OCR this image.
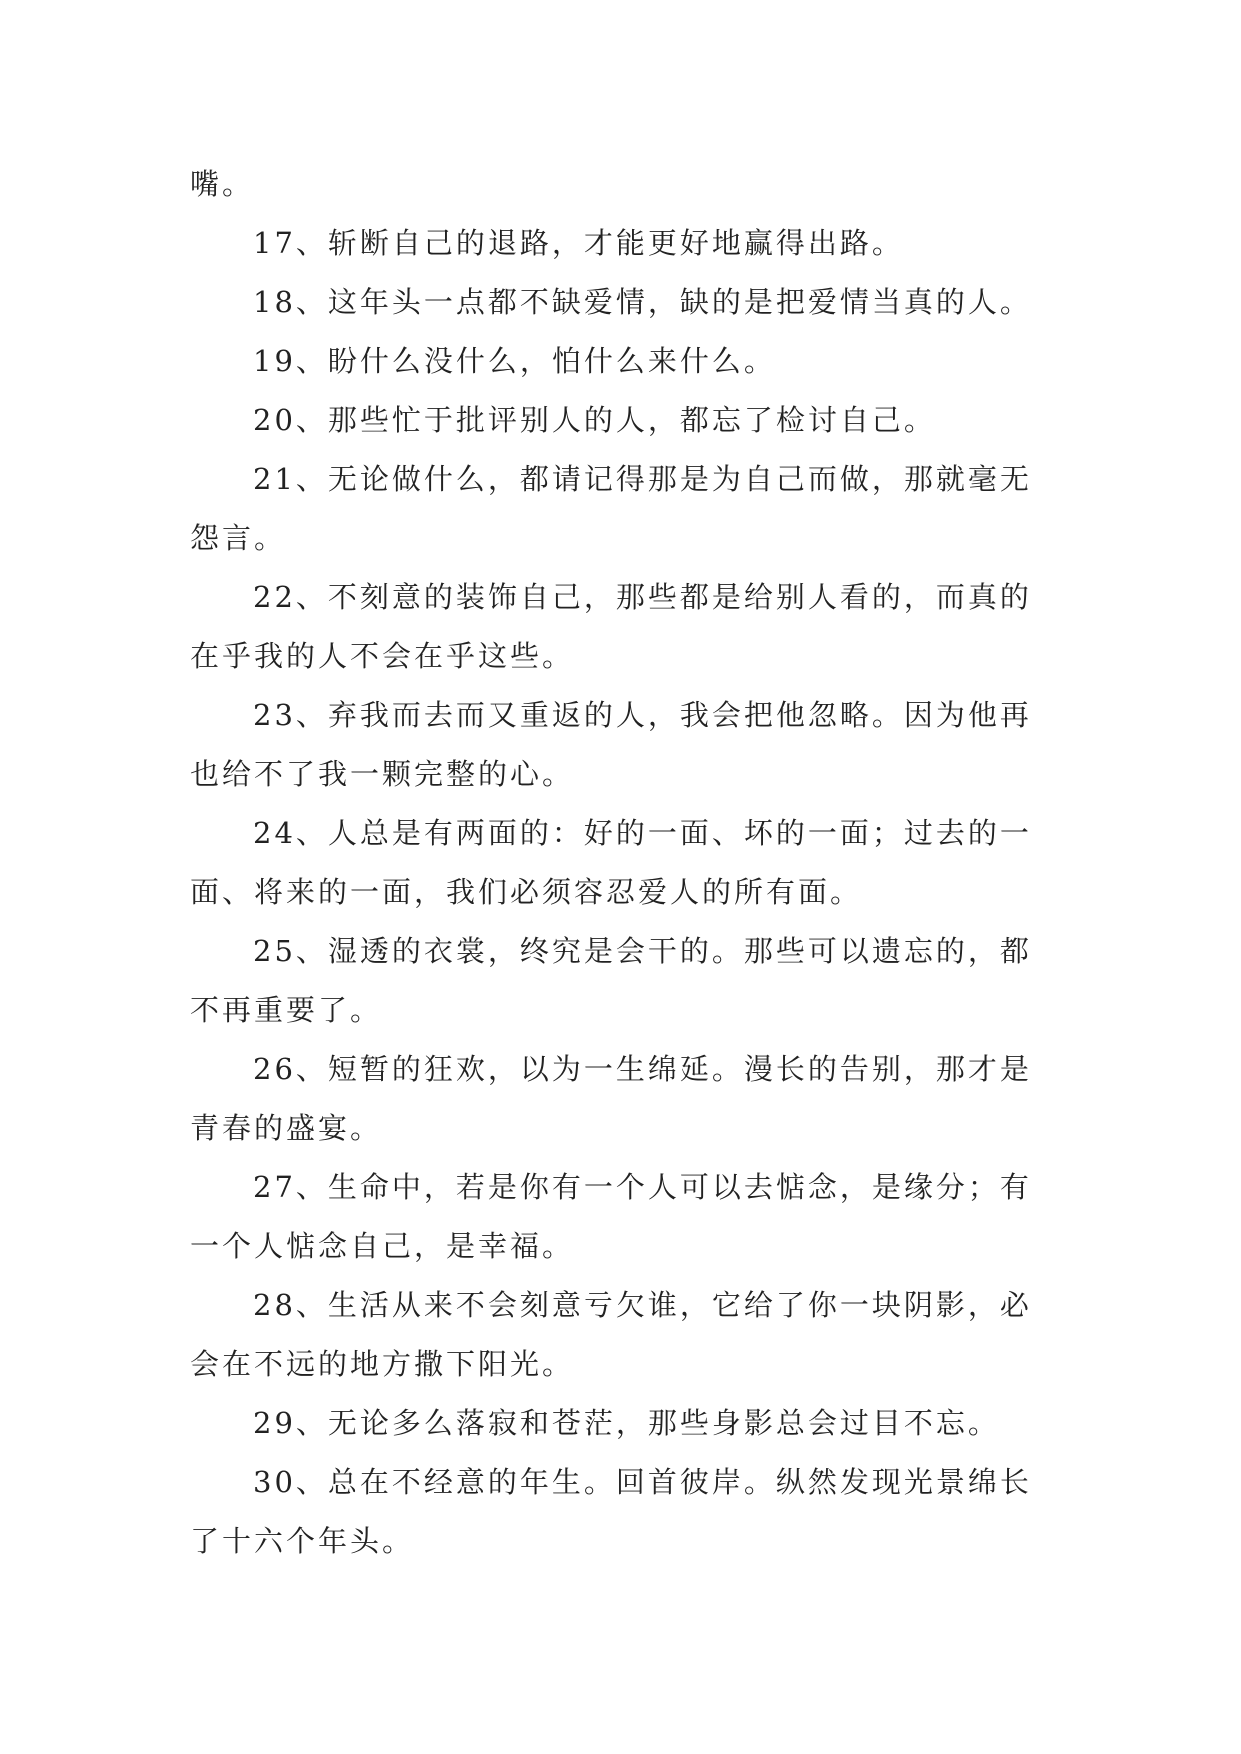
嘴。

17、斩断自己的退路，才能更好地赢得出路。

18、这年头一点都不缺爱情，缺的是把爱情当真的人。

19、盼什么没什么，怕什么来什么。

20、那些忙于批评别人的人，都忘了检讨自己。

21、无论做什么，都请记得那是为自己而做，那就毫无怨言。

22、不刻意的装饰自己，那些都是给别人看的，而真的在乎我的人不会在乎这些。

23、弃我而去而又重返的人，我会把他忽略。因为他再也给不了我一颗完整的心。

24、人总是有两面的：好的一面、坏的一面；过去的一面、将来的一面，我们必须容忍爱人的所有面。

25、湿透的衣裳，终究是会干的。那些可以遗忘的，都不再重要了。

26、短暂的狂欢，以为一生绵延。漫长的告别，那才是青春的盛宴。

27、生命中，若是你有一个人可以去惦念，是缘分；有一个人惦念自己，是幸福。

28、生活从来不会刻意亏欠谁，它给了你一块阴影，必会在不远的地方撒下阳光。

29、无论多么落寂和苍茫，那些身影总会过目不忘。

30、总在不经意的年生。回首彼岸。纵然发现光景绵长了十六个年头。
